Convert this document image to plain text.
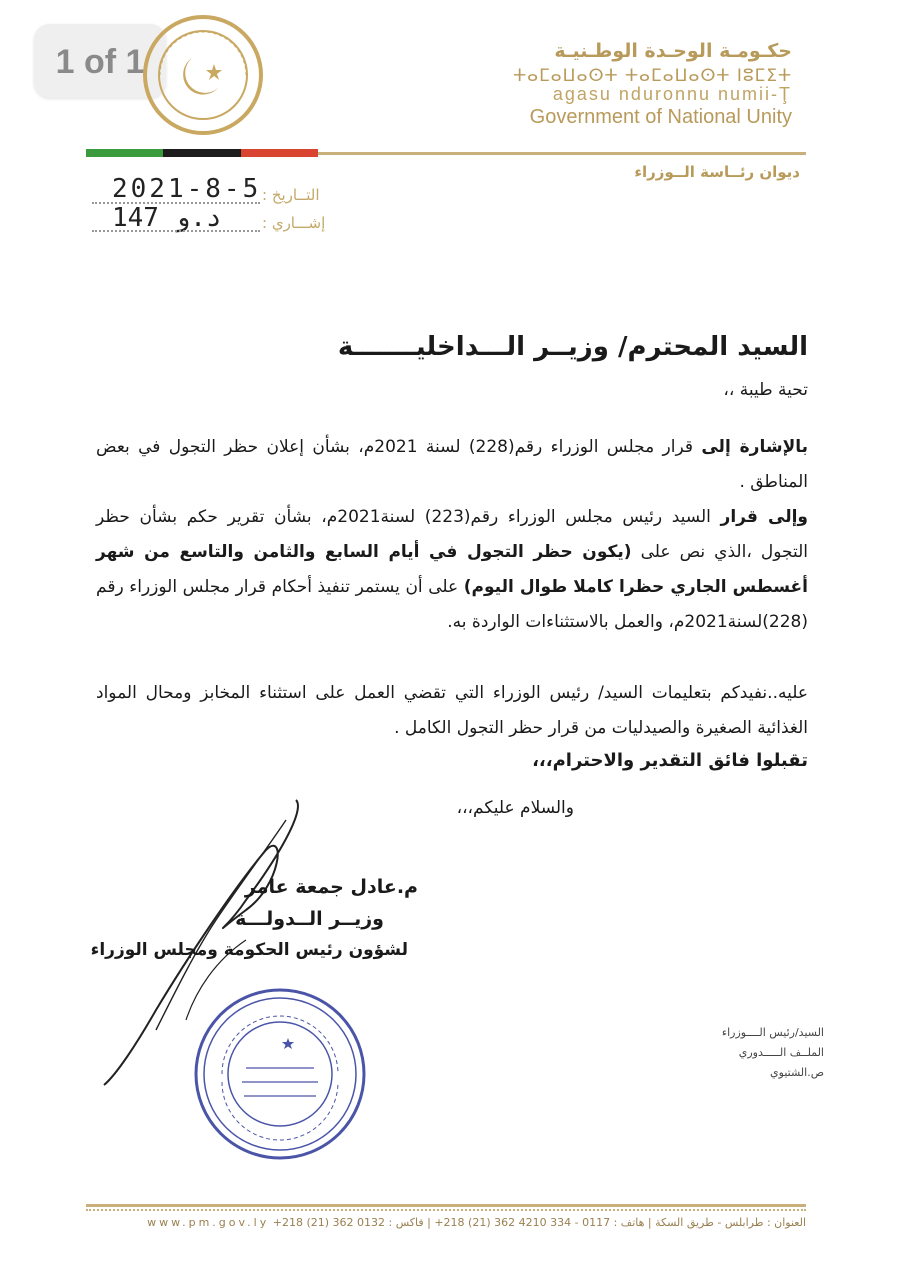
1 of 1	حكـومـة الوحـدة الوطـنيـة
ⵜⴰⵎⴰⵡⴰⵙⵜ ⵜⴰⵎⴰⵡⴰⵙⵜ ⵏⵓⵎⵉⵜ
agasu nduronnu numii-Ţ
Government of National Unity
ديوان رئــاسة الــوزراء
2021-8-5 التــاريخ :
147 د.و	إشـــاري :
السيد المحترم/ وزيــر الـــداخليـــــــة
تحية طيبة ،،
بالإشارة إلى قرار مجلس الوزراء رقم(228) لسنة 2021م، بشأن إعلان حظر التجول في بعض المناطق .
وإلى قرار السيد رئيس مجلس الوزراء رقم(223) لسنة2021م، بشأن تقرير حكم بشأن حظر التجول ،الذي نص على (يكون حظر التجول في أيام السابع والثامن والتاسع من شهر أغسطس الجاري حظرا كاملا طوال اليوم) على أن يستمر تنفيذ أحكام قرار مجلس الوزراء رقم (228)لسنة2021م، والعمل بالاستثناءات الواردة به.
عليه..نفيدكم بتعليمات السيد/ رئيس الوزراء التي تقضي العمل على استثناء المخابز ومحال المواد الغذائية الصغيرة والصيدليات من قرار حظر التجول الكامل .
تقبلوا فائق التقدير والاحترام،،،
والسلام عليكم،،،
م.عادل جمعة عامر
وزيــر الــدولـــة
لشؤون رئيس الحكومة ومجلس الوزراء
السيد/رئيس الــــوزراء
الملــف الـــــدوري
ص.الشتيوي
العنوان : طرابلس - طريق السكة | هاتف : 0117 - 334 4210 362 (21) 218+ | فاكس : 0132 362 (21) 218+ www.pm.gov.ly
